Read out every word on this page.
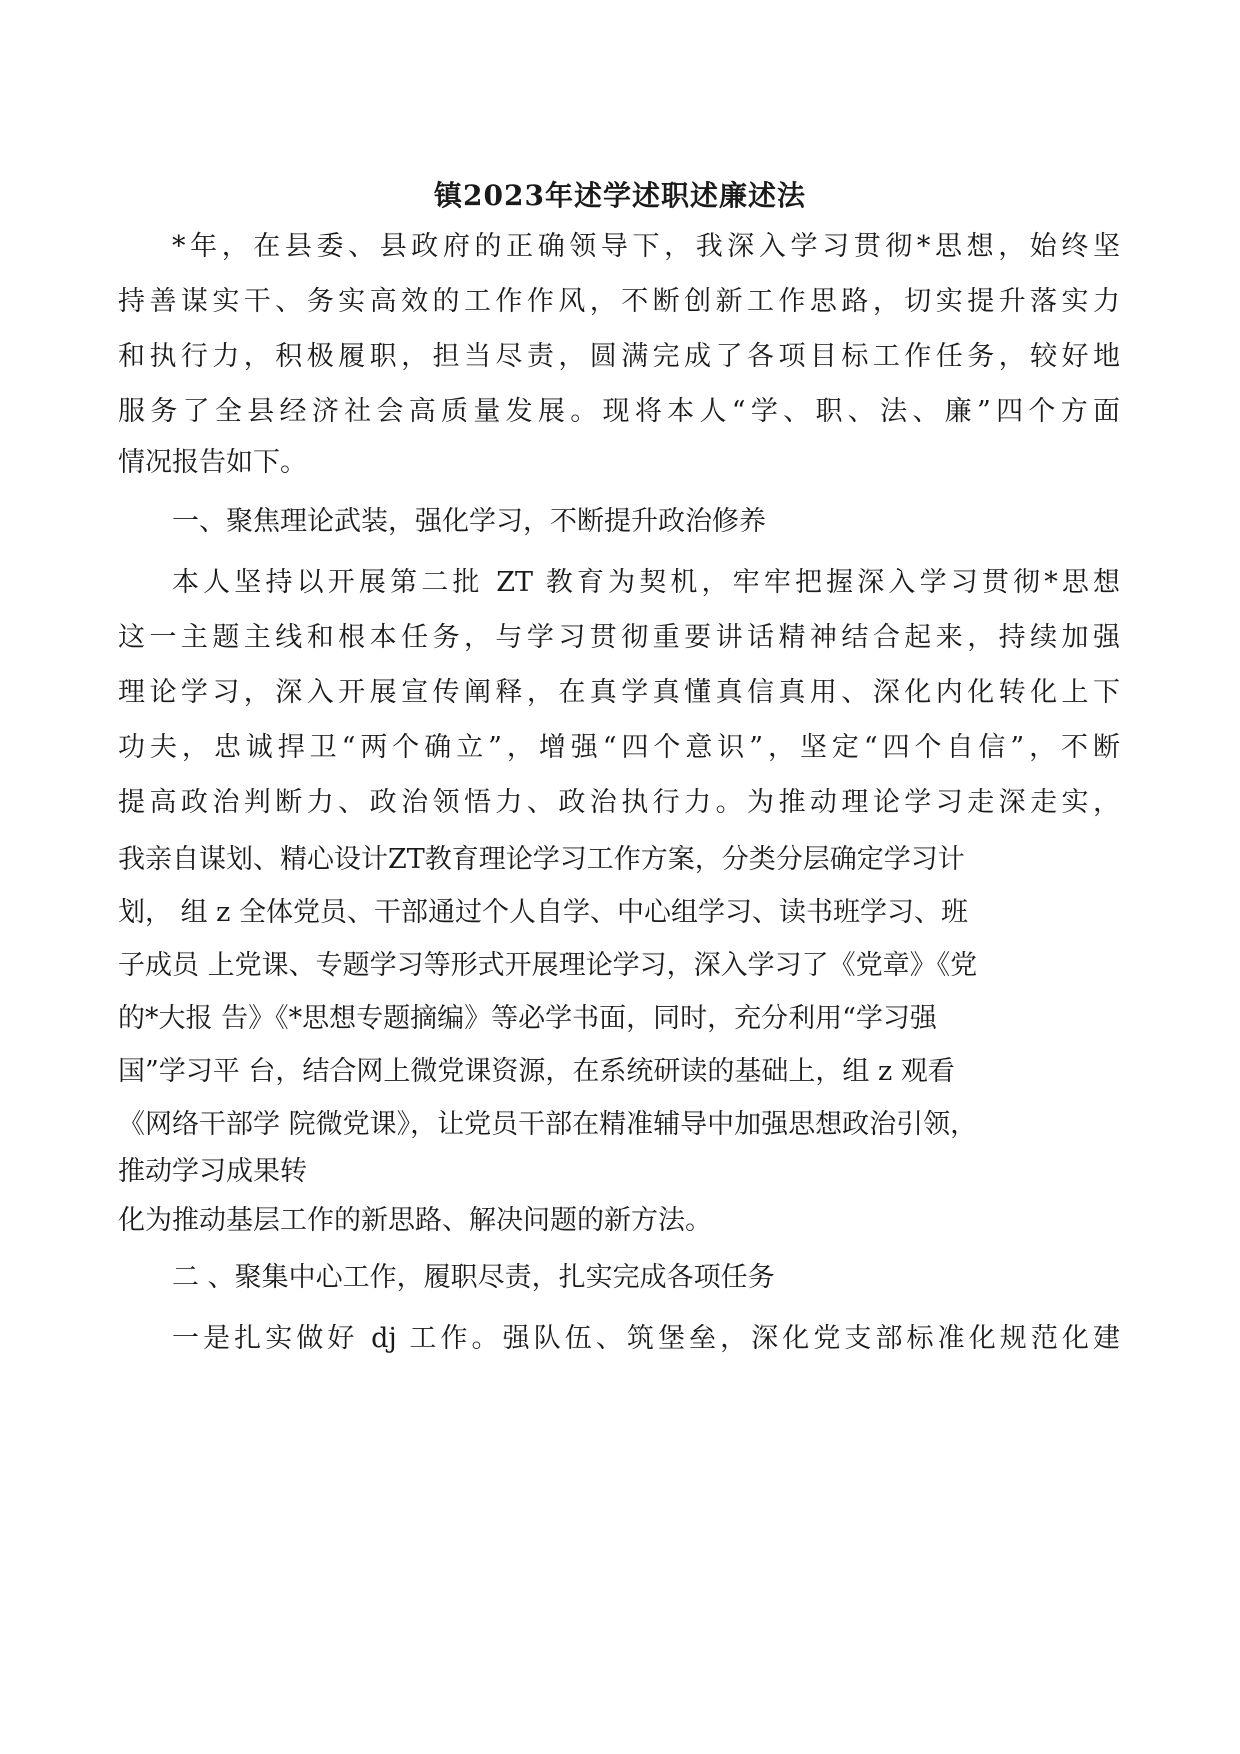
镇2023年述学述职述廉述法

*年，在县委、县政府的正确领导下，我深入学习贯彻*思想，始终坚

持善谋实干、务实高效的工作作风，不断创新工作思路，切实提升落实力

和执行力，积极履职，担当尽责，圆满完成了各项目标工作任务，较好地

服务了全县经济社会高质量发展。现将本人“学、职、法、廉”四个方面

情况报告如下。

一、聚焦理论武装，强化学习，不断提升政治修养

本人坚持以开展第二批 ZT 教育为契机，牢牢把握深入学习贯彻*思想

这一主题主线和根本任务，与学习贯彻重要讲话精神结合起来，持续加强

理论学习，深入开展宣传阐释，在真学真懂真信真用、深化内化转化上下

功夫，忠诚捍卫“两个确立”，增强“四个意识”，坚定“四个自信”，不断

提高政治判断力、政治领悟力、政治执行力。为推动理论学习走深走实，

我亲自谋划、精心设计ZT教育理论学习工作方案，分类分层确定学习计

划， 组 z 全体党员、干部通过个人自学、中心组学习、读书班学习、班

子成员 上党课、专题学习等形式开展理论学习，深入学习了《党章》《党

的*大报 告》《*思想专题摘编》等必学书面，同时，充分利用“学习强

国”学习平 台，结合网上微党课资源，在系统研读的基础上，组 z 观看

《网络干部学 院微党课》，让党员干部在精准辅导中加强思想政治引领，

推动学习成果转

化为推动基层工作的新思路、解决问题的新方法。

二 、聚集中心工作，履职尽责，扎实完成各项任务

一是扎实做好 dj 工作。强队伍、筑堡垒，深化党支部标准化规范化建
